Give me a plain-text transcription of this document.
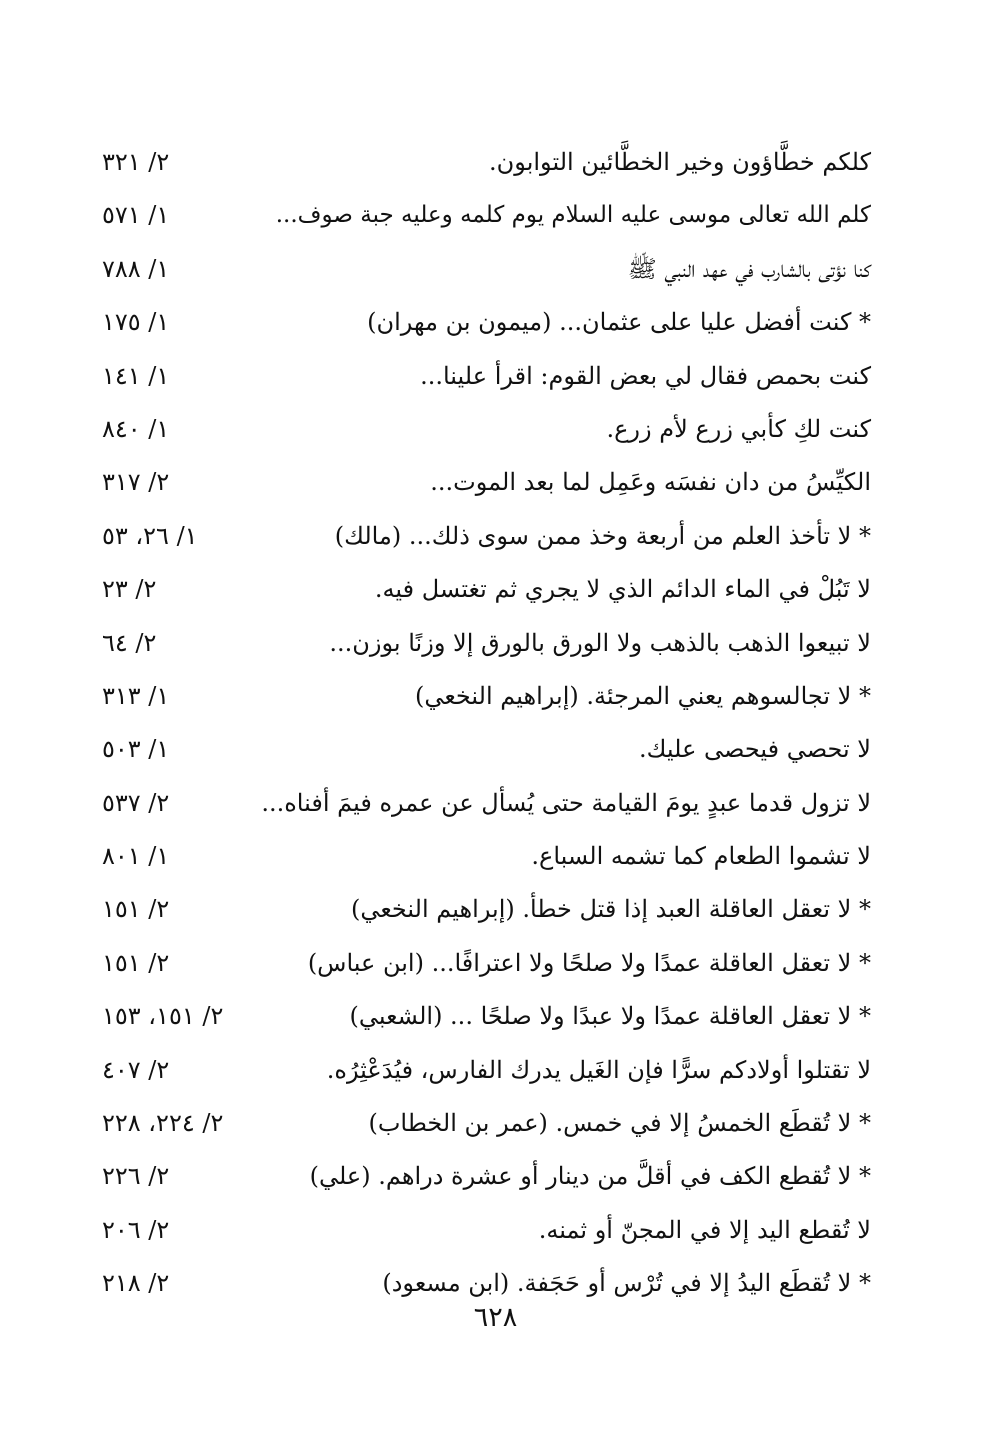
كلكم خطَّاؤون وخير الخطَّائين التوابون.
٢/ ٣٢١
كلم الله تعالى موسى عليه السلام يوم كلمه وعليه جبة صوف...
١/ ٥٧١
كنا نؤتى بالشارب في عهد النبي ﷺ
١/ ٧٨٨
* كنت أفضل عليا على عثمان... (ميمون بن مهران)
١/ ١٧٥
كنت بحمص فقال لي بعض القوم: اقرأ علينا...
١/ ١٤١
كنت لكِ كأبي زرع لأم زرع.
١/ ٨٤٠
الكيِّسُ من دان نفسَه وعَمِل لما بعد الموت...
٢/ ٣١٧
* لا تأخذ العلم من أربعة وخذ ممن سوى ذلك... (مالك)
١/ ٢٦، ٥٣
لا تَبُلْ في الماء الدائم الذي لا يجري ثم تغتسل فيه.
٢/ ٢٣
لا تبيعوا الذهب بالذهب ولا الورق بالورق إلا وزنًا بوزن...
٢/ ٦٤
* لا تجالسوهم يعني المرجئة. (إبراهيم النخعي)
١/ ٣١٣
لا تحصي فيحصى عليك.
١/ ٥٠٣
لا تزول قدما عبدٍ يومَ القيامة حتى يُسأل عن عمره فيمَ أفناه...
٢/ ٥٣٧
لا تشموا الطعام كما تشمه السباع.
١/ ٨٠١
* لا تعقل العاقلة العبد إذا قتل خطأ. (إبراهيم النخعي)
٢/ ١٥١
* لا تعقل العاقلة عمدًا ولا صلحًا ولا اعترافًا... (ابن عباس)
٢/ ١٥١
* لا تعقل العاقلة عمدًا ولا عبدًا ولا صلحًا ... (الشعبي)
٢/ ١٥١، ١٥٣
لا تقتلوا أولادكم سرًّا فإن الغَيل يدرك الفارس، فيُدَعْثِرُه.
٢/ ٤٠٧
* لا تُقطَع الخمسُ إلا في خمس. (عمر بن الخطاب)
٢/ ٢٢٤، ٢٢٨
* لا تُقطع الكف في أقلَّ من دينار أو عشرة دراهم. (علي)
٢/ ٢٢٦
لا تُقطع اليد إلا في المجنّ أو ثمنه.
٢/ ٢٠٦
* لا تُقطَع اليدُ إلا في تُرْس أو حَجَفة. (ابن مسعود)
٢/ ٢١٨
٦٢٨
